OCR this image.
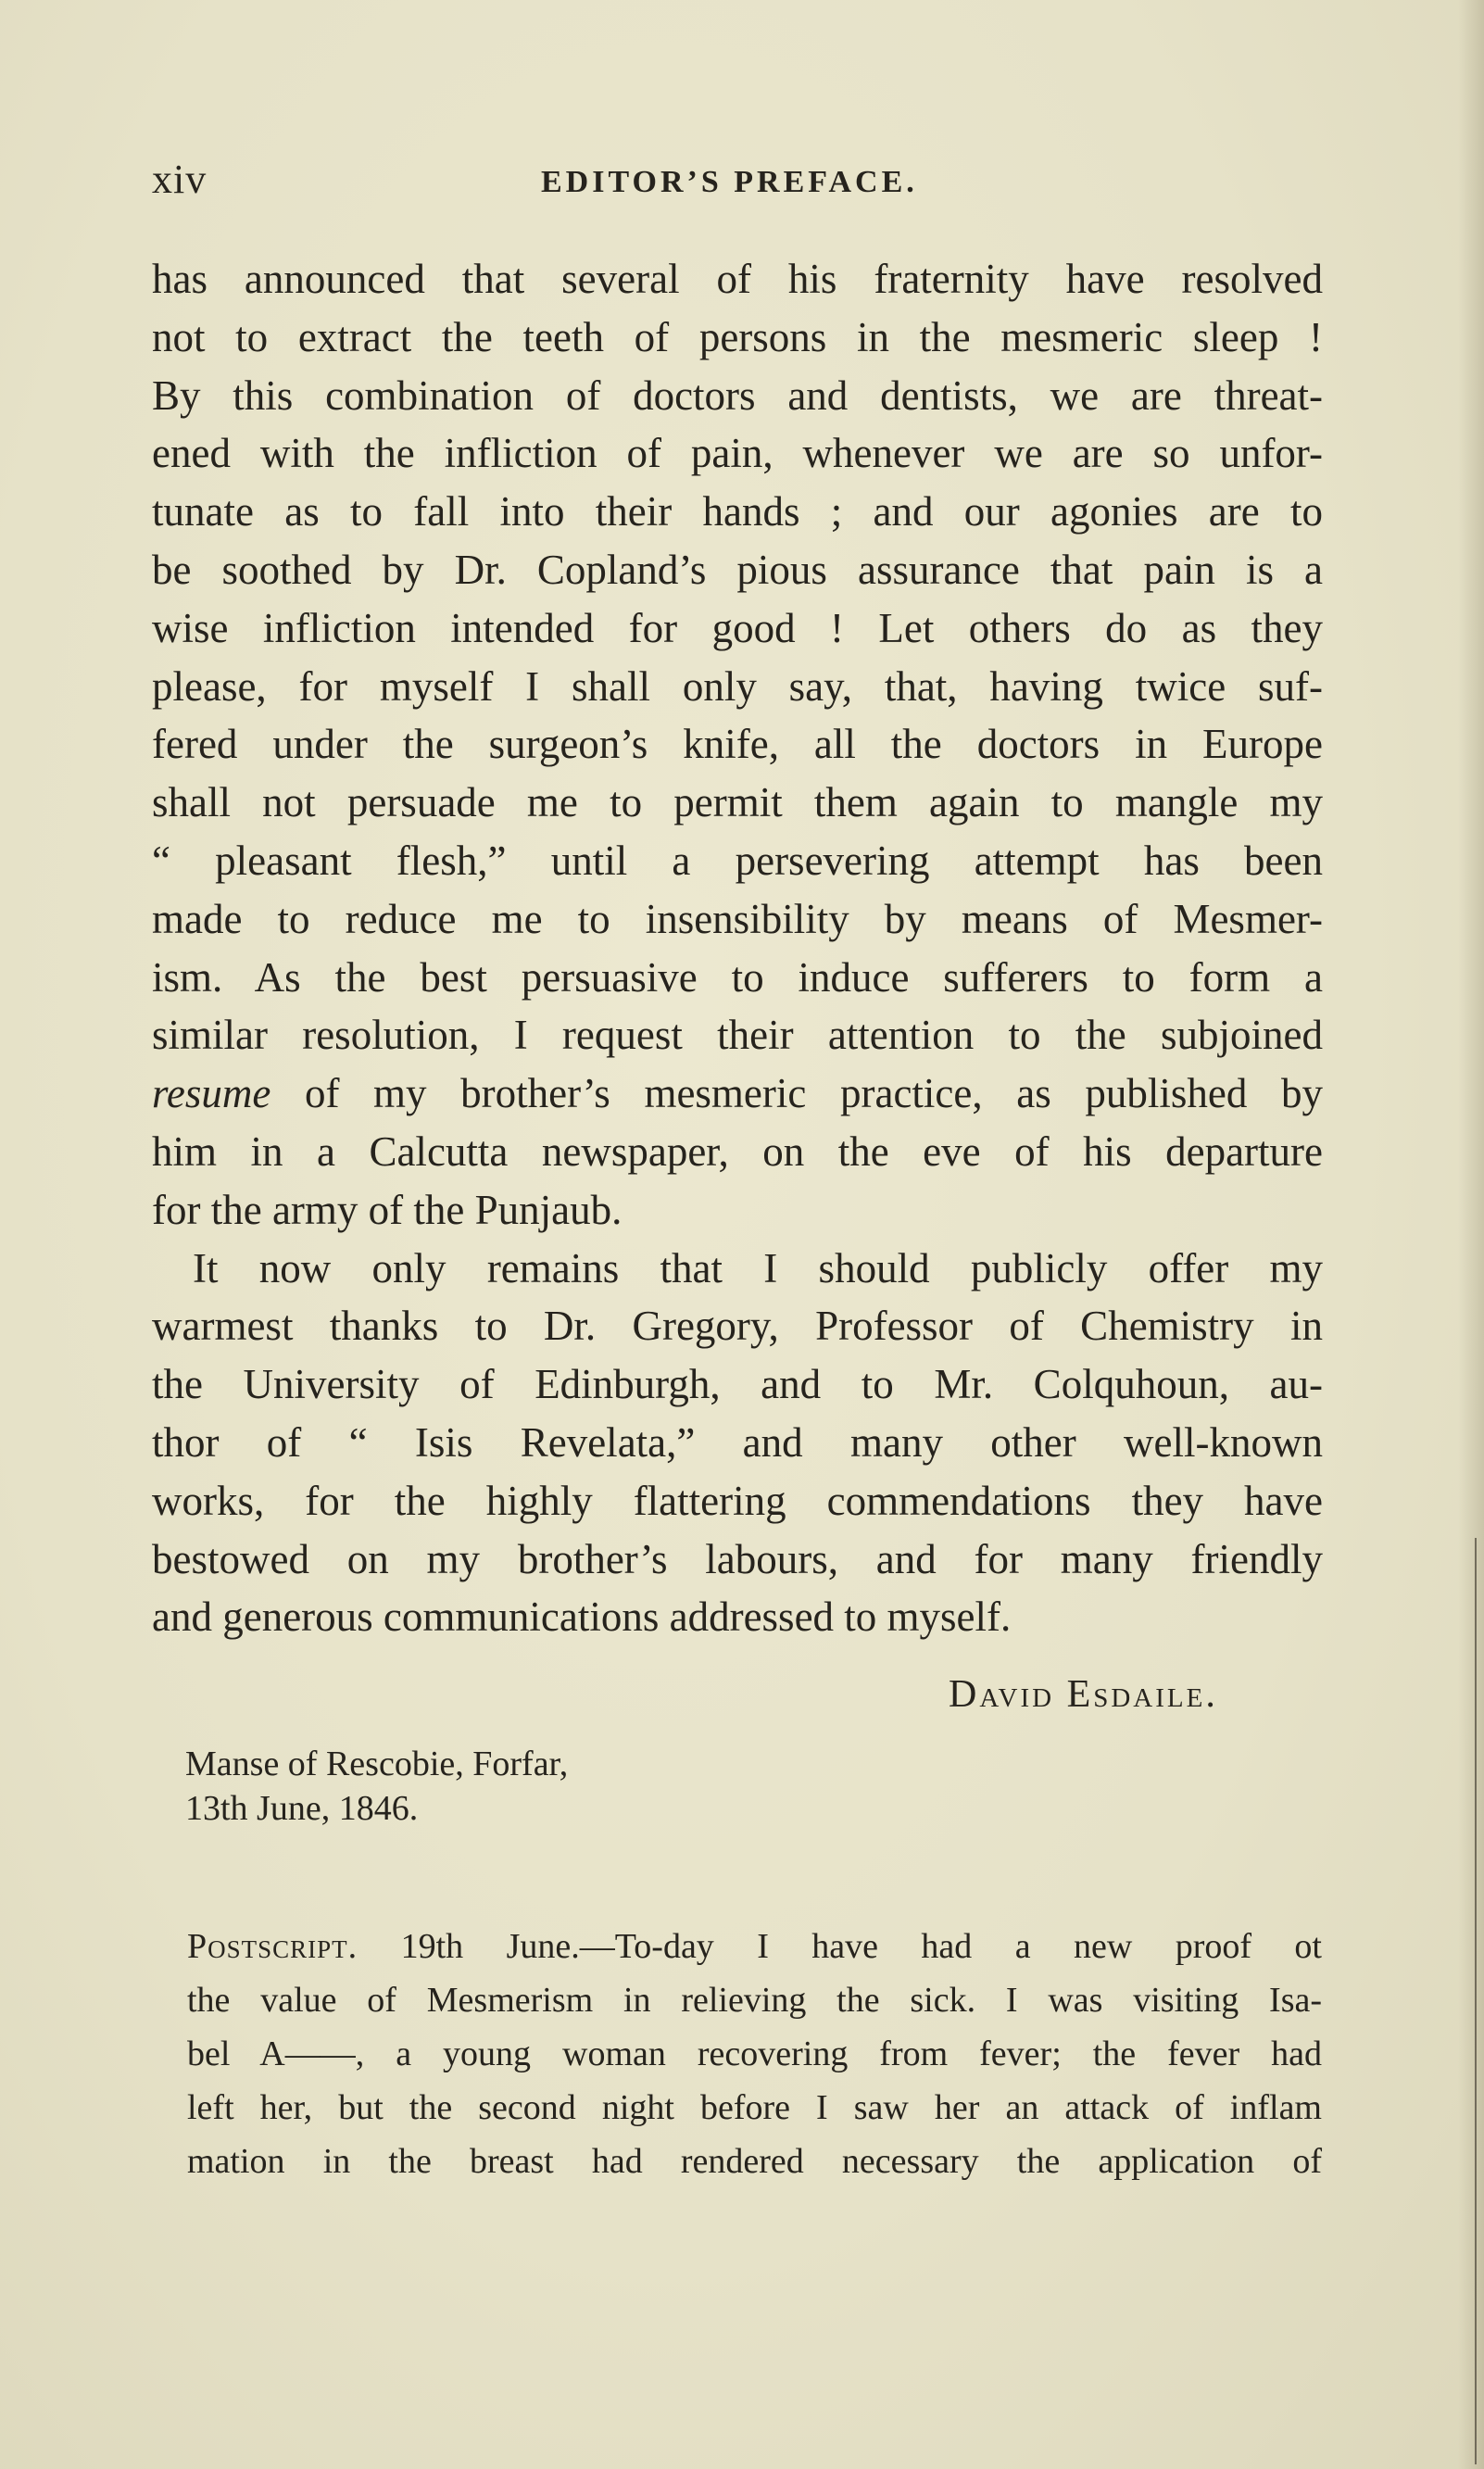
xiv	EDITOR’S PREFACE.
has announced that several of his fraternity have resolved
not to extract the teeth of persons in the mesmeric sleep !
By this combination of doctors and dentists, we are threat-
ened with the infliction of pain, whenever we are so unfor-
tunate as to fall into their hands ; and our agonies are to
be soothed by Dr. Copland’s pious assurance that pain is a
wise infliction intended for good ! Let others do as they
please, for myself I shall only say, that, having twice suf-
fered under the surgeon’s knife, all the doctors in Europe
shall not persuade me to permit them again to mangle my
“ pleasant flesh,” until a persevering attempt has been
made to reduce me to insensibility by means of Mesmer-
ism. As the best persuasive to induce sufferers to form a
similar resolution, I request their attention to the subjoined
resume of my brother’s mesmeric practice, as published by
him in a Calcutta newspaper, on the eve of his departure
for the army of the Punjaub.
It now only remains that I should publicly offer my
warmest thanks to Dr. Gregory, Professor of Chemistry in
the University of Edinburgh, and to Mr. Colquhoun, au-
thor of “ Isis Revelata,” and many other well-known
works, for the highly flattering commendations they have
bestowed on my brother’s labours, and for many friendly
and generous communications addressed to myself.
David Esdaile.
Manse of Rescobie, Forfar,
13th June, 1846.
Postscript. 19th June.—To-day I have had a new proof ot
the value of Mesmerism in relieving the sick. I was visiting Isa-
bel A——, a young woman recovering from fever; the fever had
left her, but the second night before I saw her an attack of inflam
mation in the breast had rendered necessary the application of
